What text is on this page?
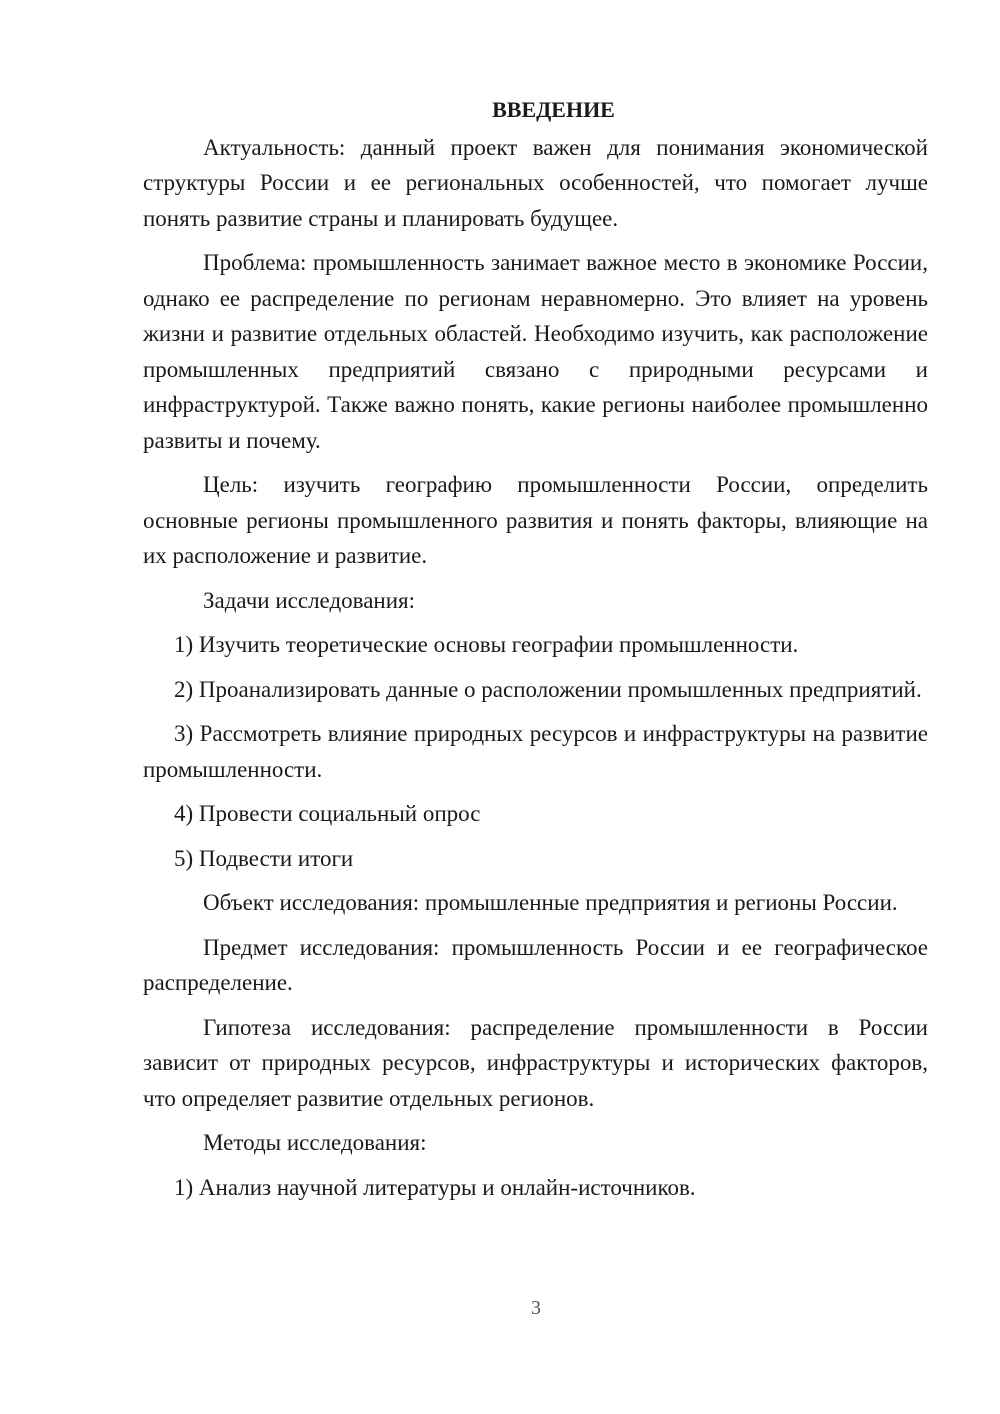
ВВЕДЕНИЕ

Актуальность: данный проект важен для понимания экономической структуры России и ее региональных особенностей, что помогает лучше понять развитие страны и планировать будущее.

Проблема: промышленность занимает важное место в экономике России, однако ее распределение по регионам неравномерно. Это влияет на уровень жизни и развитие отдельных областей. Необходимо изучить, как расположение промышленных предприятий связано с природными ресурсами и инфраструктурой. Также важно понять, какие регионы наиболее промышленно развиты и почему.

Цель: изучить географию промышленности России, определить основные регионы промышленного развития и понять факторы, влияющие на их расположение и развитие.

Задачи исследования:

1) Изучить теоретические основы географии промышленности.

2) Проанализировать данные о расположении промышленных предприятий.

3) Рассмотреть влияние природных ресурсов и инфраструктуры на развитие промышленности.

4) Провести социальный опрос

5) Подвести итоги

Объект исследования: промышленные предприятия и регионы России.

Предмет исследования: промышленность России и ее географическое распределение.

Гипотеза исследования: распределение промышленности в России зависит от природных ресурсов, инфраструктуры и исторических факторов, что определяет развитие отдельных регионов.

Методы исследования:

1) Анализ научной литературы и онлайн-источников.

3
